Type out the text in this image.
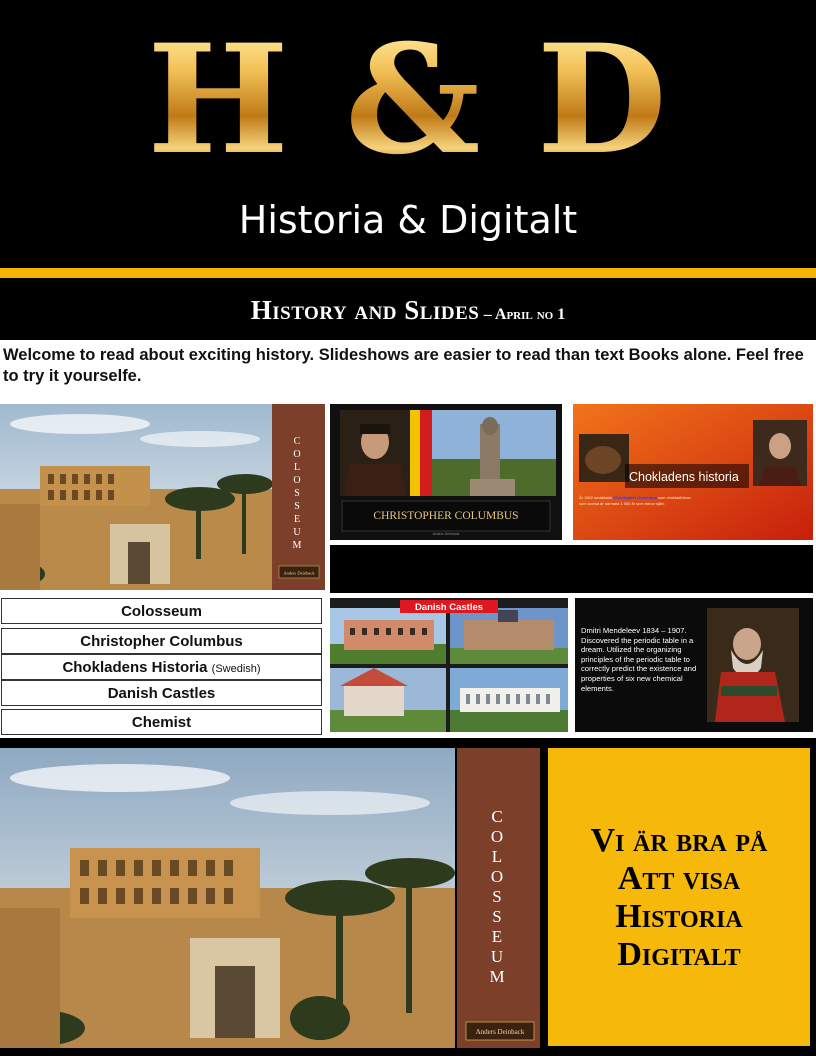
H & D
Historia & Digitalt
History and Slides – April no 1
Welcome to read about exciting history. Slideshows are easier to read than text Books alone. Feel free to try it yourselfe.
C O L O S S E U M
Anders Deinback
CHRISTOPHER COLUMBUS
Anders Deinback
Chokladens historia
År 1502 smakkade Christopher Columbus som chokladbönor,
som avvisa är närmast 1 500 år som bönor själv.
Danish Castles
Dmitri Mendeleev 1834 – 1907. Discovered the periodic table in a dream. Utilized the organizing principles of the periodic table to correctly predict the existence and properties of six new chemical elements.
Colosseum
Christopher Columbus
Chokladens Historia (Swedish)
Danish Castles
Chemist
C O L O S S E U M
Anders Deinback
Vi är bra på
Att visa
Historia
Digitalt
